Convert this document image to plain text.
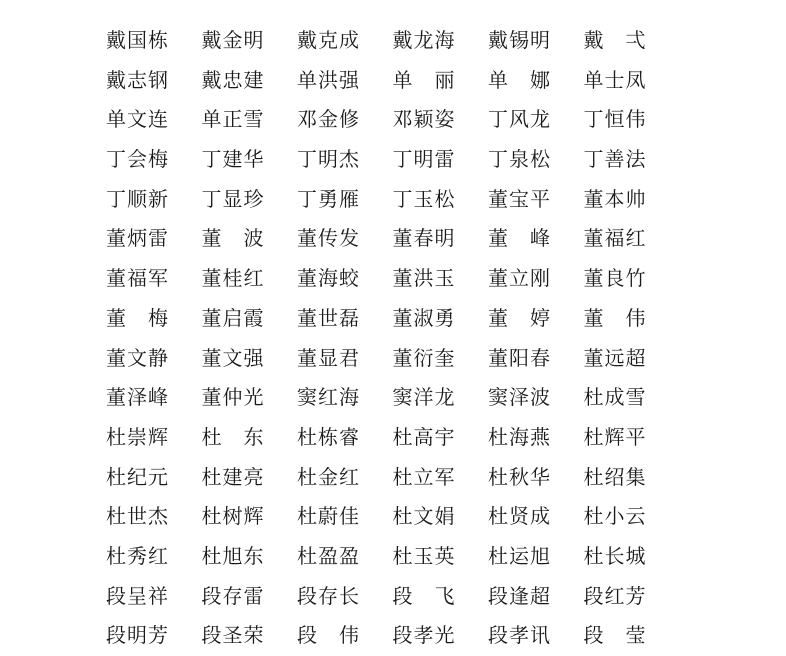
戴 国 栋 戴 金 明 戴 克 成 戴 龙 海 戴 锡 明 戴 弌
戴 志 钢 戴 忠 建 单 洪 强 单 丽 单 娜 单 士 凤
单 文 连 单 正 雪 邓 金 修 邓 颖 姿 丁 风 龙 丁 恒 伟
丁 会 梅 丁 建 华 丁 明 杰 丁 明 雷 丁 泉 松 丁 善 法
丁 顺 新 丁 显 珍 丁 勇 雁 丁 玉 松 董 宝 平 董 本 帅
董 炳 雷 董 波 董 传 发 董 春 明 董 峰 董 福 红
董 福 军 董 桂 红 董 海 蛟 董 洪 玉 董 立 刚 董 良 竹
董 梅 董 启 霞 董 世 磊 董 淑 勇 董 婷 董 伟
董 文 静 董 文 强 董 显 君 董 衍 奎 董 阳 春 董 远 超
董 泽 峰 董 仲 光 窦 红 海 窦 洋 龙 窦 泽 波 杜 成 雪
杜 崇 辉 杜 东 杜 栋 睿 杜 高 宇 杜 海 燕 杜 辉 平
杜 纪 元 杜 建 亮 杜 金 红 杜 立 军 杜 秋 华 杜 绍 集
杜 世 杰 杜 树 辉 杜 蔚 佳 杜 文 娟 杜 贤 成 杜 小 云
杜 秀 红 杜 旭 东 杜 盈 盈 杜 玉 英 杜 运 旭 杜 长 城
段 呈 祥 段 存 雷 段 存 长 段 飞 段 逢 超 段 红 芳
段 明 芳 段 圣 荣 段 伟 段 孝 光 段 孝 讯 段 莹
